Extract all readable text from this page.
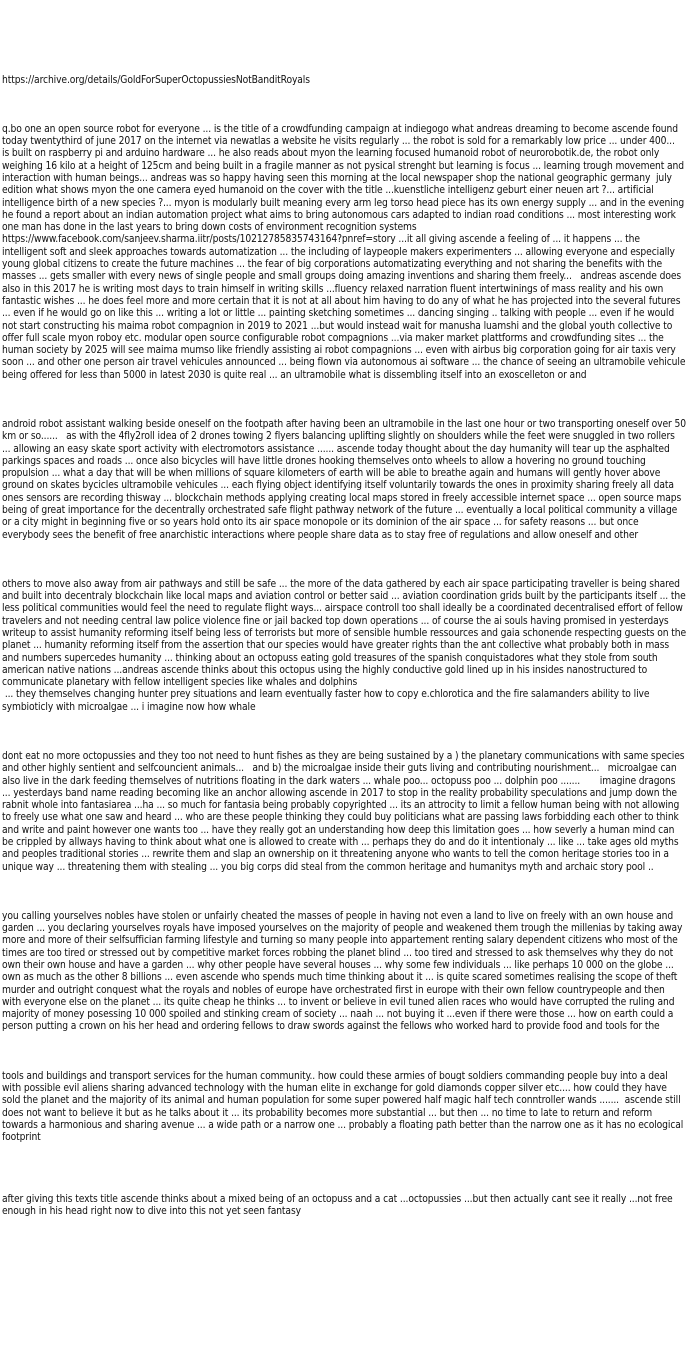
https://archive.org/details/GoldForSuperOctopussiesNotBanditRoyals

q.bo one an open source robot for everyone ... is the title of a crowdfunding campaign at indiegogo what andreas dreaming to become ascende found today twentythird of june 2017 on the internet via newatlas a website he visits regularly ... the robot is sold for a remarkably low price ... under 400...   is built on raspberry pi and arduino hardware ... he also reads about myon the learning focused humanoid robot of neurorobotik.de, the robot only weighing 16 kilo at a height of 125cm and being built in a fragile manner as not pysical strenght but learning is focus ... learning trough movement and interaction with human beings... andreas was so happy having seen this morning at the local newspaper shop the national geographic germany  july edition what shows myon the one camera eyed humanoid on the cover with the title ...kuenstliche intelligenz geburt einer neuen art ?... artificial intelligence birth of a new species ?... myon is modularly built meaning every arm leg torso head piece has its own energy supply ... and in the evening he found a report about an indian automation project what aims to bring autonomous cars adapted to indian road conditions ... most interesting work one man has done in the last years to bring down costs of environment recognition systems https://www.facebook.com/sanjeev.sharma.iitr/posts/10212785835743164?pnref=story ...it all giving ascende a feeling of ... it happens ... the intelligent soft and sleek approaches towards automatization ... the including of laypeople makers experimenters ... allowing everyone and especially young global citizens to create the future machines ... the fear of big corporations automatizating everything and not sharing the benefits with the masses ... gets smaller with every news of single people and small groups doing amazing inventions and sharing them freely...   andreas ascende does also in this 2017 he is writing most days to train himself in writing skills ...fluency relaxed narration fluent intertwinings of mass reality and his own fantastic wishes ... he does feel more and more certain that it is not at all about him having to do any of what he has projected into the several futures ... even if he would go on like this ... writing a lot or little ... painting sketching sometimes ... dancing singing .. talking with people ... even if he would not start constructing his maima robot compagnion in 2019 to 2021 ...but would instead wait for manusha luamshi and the global youth collective to offer full scale myon roboy etc. modular open source configurable robot compagnions ...via maker market plattforms and crowdfunding sites ... the human society by 2025 will see maima mumso like friendly assisting ai robot compagnions ... even with airbus big corporation going for air taxis very soon ... and other one person air travel vehicules announced ... being flown via autonomous ai software ... the chance of seeing an ultramobile vehicule being offered for less than 5000 in latest 2030 is quite real ... an ultramobile what is dissembling itself into an exoscelleton or and

android robot assistant walking beside oneself on the footpath after having been an ultramobile in the last one hour or two transporting oneself over 50 km or so......   as with the 4fly2roll idea of 2 drones towing 2 flyers balancing uplifting slightly on shoulders while the feet were snuggled in two rollers ... allowing an easy skate sport activity with electromotors assistance ...... ascende today thought about the day humanity will tear up the asphalted parkings spaces and roads ... once also bicycles will have little drones hooking themselves onto wheels to allow a hovering no ground touching propulsion ... what a day that will be when millions of square kilometers of earth will be able to breathe again and humans will gently hover above ground on skates bycicles ultramobile vehicules ... each flying object identifying itself voluntarily towards the ones in proximity sharing freely all data ones sensors are recording thisway ... blockchain methods applying creating local maps stored in freely accessible internet space ... open source maps being of great importance for the decentrally orchestrated safe flight pathway network of the future ... eventually a local political community a village or a city might in beginning five or so years hold onto its air space monopole or its dominion of the air space ... for safety reasons ... but once everybody sees the benefit of free anarchistic interactions where people share data as to stay free of regulations and allow oneself and other

others to move also away from air pathways and still be safe ... the more of the data gathered by each air space participating traveller is being shared and built into decentraly blockchain like local maps and aviation control or better said ... aviation coordination grids built by the participants itself ... the less political communities would feel the need to regulate flight ways... airspace controll too shall ideally be a coordinated decentralised effort of fellow travelers and not needing central law police violence fine or jail backed top down operations ... of course the ai souls having promised in yesterdays writeup to assist humanity reforming itself being less of terrorists but more of sensible humble ressources and gaia schonende respecting guests on the planet ... humanity reforming itself from the assertion that our species would have greater rights than the ant collective what probably both in mass and numbers supercedes humanity ... thinking about an octopuss eating gold treasures of the spanish conquistadores what they stole from south american native nations ...andreas ascende thinks about this octopus using the highly conductive gold lined up in his insides nanostructured to communicate planetary with fellow intelligent species like whales and dolphins
... they themselves changing hunter prey situations and learn eventually faster how to copy e.chlorotica and the fire salamanders ability to live symbioticly with microalgae ... i imagine now how whale

dont eat no more octopussies and they too not need to hunt fishes as they are being sustained by a ) the planetary communications with same species and other highly sentient and selfcouncient animals...   and b) the microalgae inside their guts living and contributing nourishment...   microalgae can also live in the dark feeding themselves of nutritions floating in the dark waters ... whale poo... octopuss poo ... dolphin poo .......       imagine dragons ... yesterdays band name reading becoming like an anchor allowing ascende in 2017 to stop in the reality probability speculations and jump down the rabnit whole into fantasiarea ...ha ... so much for fantasia being probably copyrighted ... its an attrocity to limit a fellow human being with not allowing to freely use what one saw and heard ... who are these people thinking they could buy politicians what are passing laws forbidding each other to think and write and paint however one wants too ... have they really got an understanding how deep this limitation goes ... how severly a human mind can be crippled by allways having to think about what one is allowed to create with ... perhaps they do and do it intentionaly ... like ... take ages old myths and peoples traditional stories ... rewrite them and slap an ownership on it threatening anyone who wants to tell the comon heritage stories too in a unique way ... threatening them with stealing ... you big corps did steal from the common heritage and humanitys myth and archaic story pool ..

you calling yourselves nobles have stolen or unfairly cheated the masses of people in having not even a land to live on freely with an own house and garden ... you declaring yourselves royals have imposed yourselves on the majority of people and weakened them trough the millenias by taking away more and more of their selfsuffician farming lifestyle and turning so many people into appartement renting salary dependent citizens who most of the times are too tired or stressed out by competitive market forces robbing the planet blind ... too tired and stressed to ask themselves why they do not own their own house and have a garden ... why other people have several houses ... why some few individuals ... like perhaps 10 000 on the globe ... own as much as the other 8 billions ... even ascende who spends much time thinking about it ... is quite scared sometimes realising the scope of theft murder and outright conquest what the royals and nobles of europe have orchestrated first in europe with their own fellow countrypeople and then with everyone else on the planet ... its quite cheap he thinks ... to invent or believe in evil tuned alien races who would have corrupted the ruling and majority of money posessing 10 000 spoiled and stinking cream of society ... naah ... not buying it ...even if there were those ... how on earth could a person putting a crown on his her head and ordering fellows to draw swords against the fellows who worked hard to provide food and tools for the

tools and buildings and transport services for the human community.. how could these armies of bougt soldiers commanding people buy into a deal with possible evil aliens sharing advanced technology with the human elite in exchange for gold diamonds copper silver etc.... how could they have sold the planet and the majority of its animal and human population for some super powered half magic half tech conntroller wands .......  ascende still does not want to believe it but as he talks about it ... its probability becomes more substantial ... but then ... no time to late to return and reform towards a harmonious and sharing avenue ... a wide path or a narrow one ... probably a floating path better than the narrow one as it has no ecological footprint

after giving this texts title ascende thinks about a mixed being of an octopuss and a cat ...octopussies ...but then actually cant see it really ...not free enough in his head right now to dive into this not yet seen fantasy
